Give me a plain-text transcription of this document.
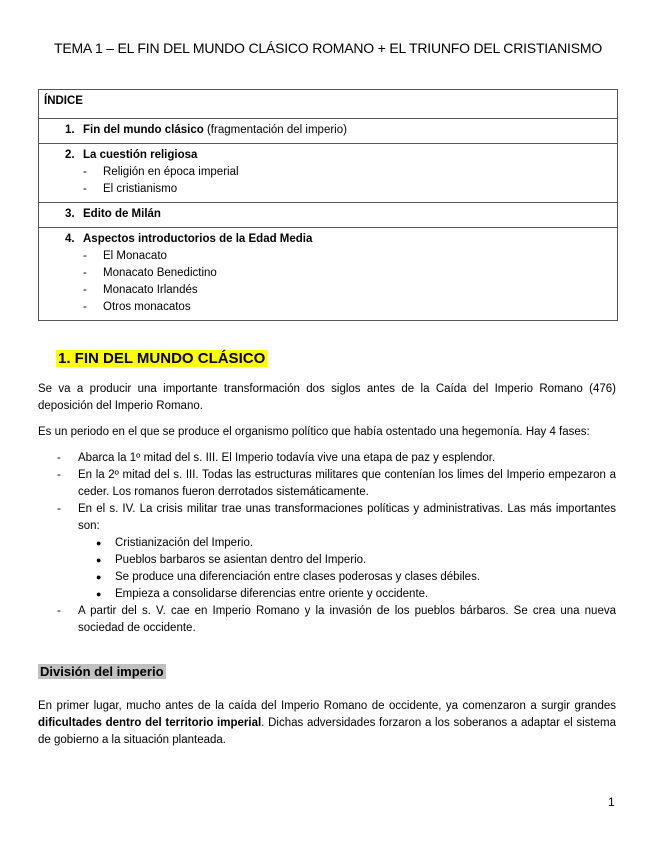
TEMA 1 – EL FIN DEL MUNDO CLÁSICO ROMANO + EL TRIUNFO DEL CRISTIANISMO
ÍNDICE
1. Fin del mundo clásico (fragmentación del imperio)
2. La cuestión religiosa
- Religión en época imperial
- El cristianismo
3. Edito de Milán
4. Aspectos introductorios de la Edad Media
- El Monacato
- Monacato Benedictino
- Monacato Irlandés
- Otros monacatos
1. FIN DEL MUNDO CLÁSICO
Se va a producir una importante transformación dos siglos antes de la Caída del Imperio Romano (476) deposición del Imperio Romano.
Es un periodo en el que se produce el organismo político que había ostentado una hegemonía. Hay 4 fases:
-	Abarca la 1º mitad del s. III. El Imperio todavía vive una etapa de paz y esplendor.
-	En la 2º mitad del s. III. Todas las estructuras militares que contenían los limes del Imperio empezaron a ceder. Los romanos fueron derrotados sistemáticamente.
-	En el s. IV. La crisis militar trae unas transformaciones políticas y administrativas. Las más importantes son:
●	Cristianización del Imperio.
●	Pueblos barbaros se asientan dentro del Imperio.
●	Se produce una diferenciación entre clases poderosas y clases débiles.
●	Empieza a consolidarse diferencias entre oriente y occidente.
-	A partir del s. V. cae en Imperio Romano y la invasión de los pueblos bárbaros. Se crea una nueva sociedad de occidente.
División del imperio
En primer lugar, mucho antes de la caída del Imperio Romano de occidente, ya comenzaron a surgir grandes dificultades dentro del territorio imperial. Dichas adversidades forzaron a los soberanos a adaptar el sistema de gobierno a la situación planteada.
1
